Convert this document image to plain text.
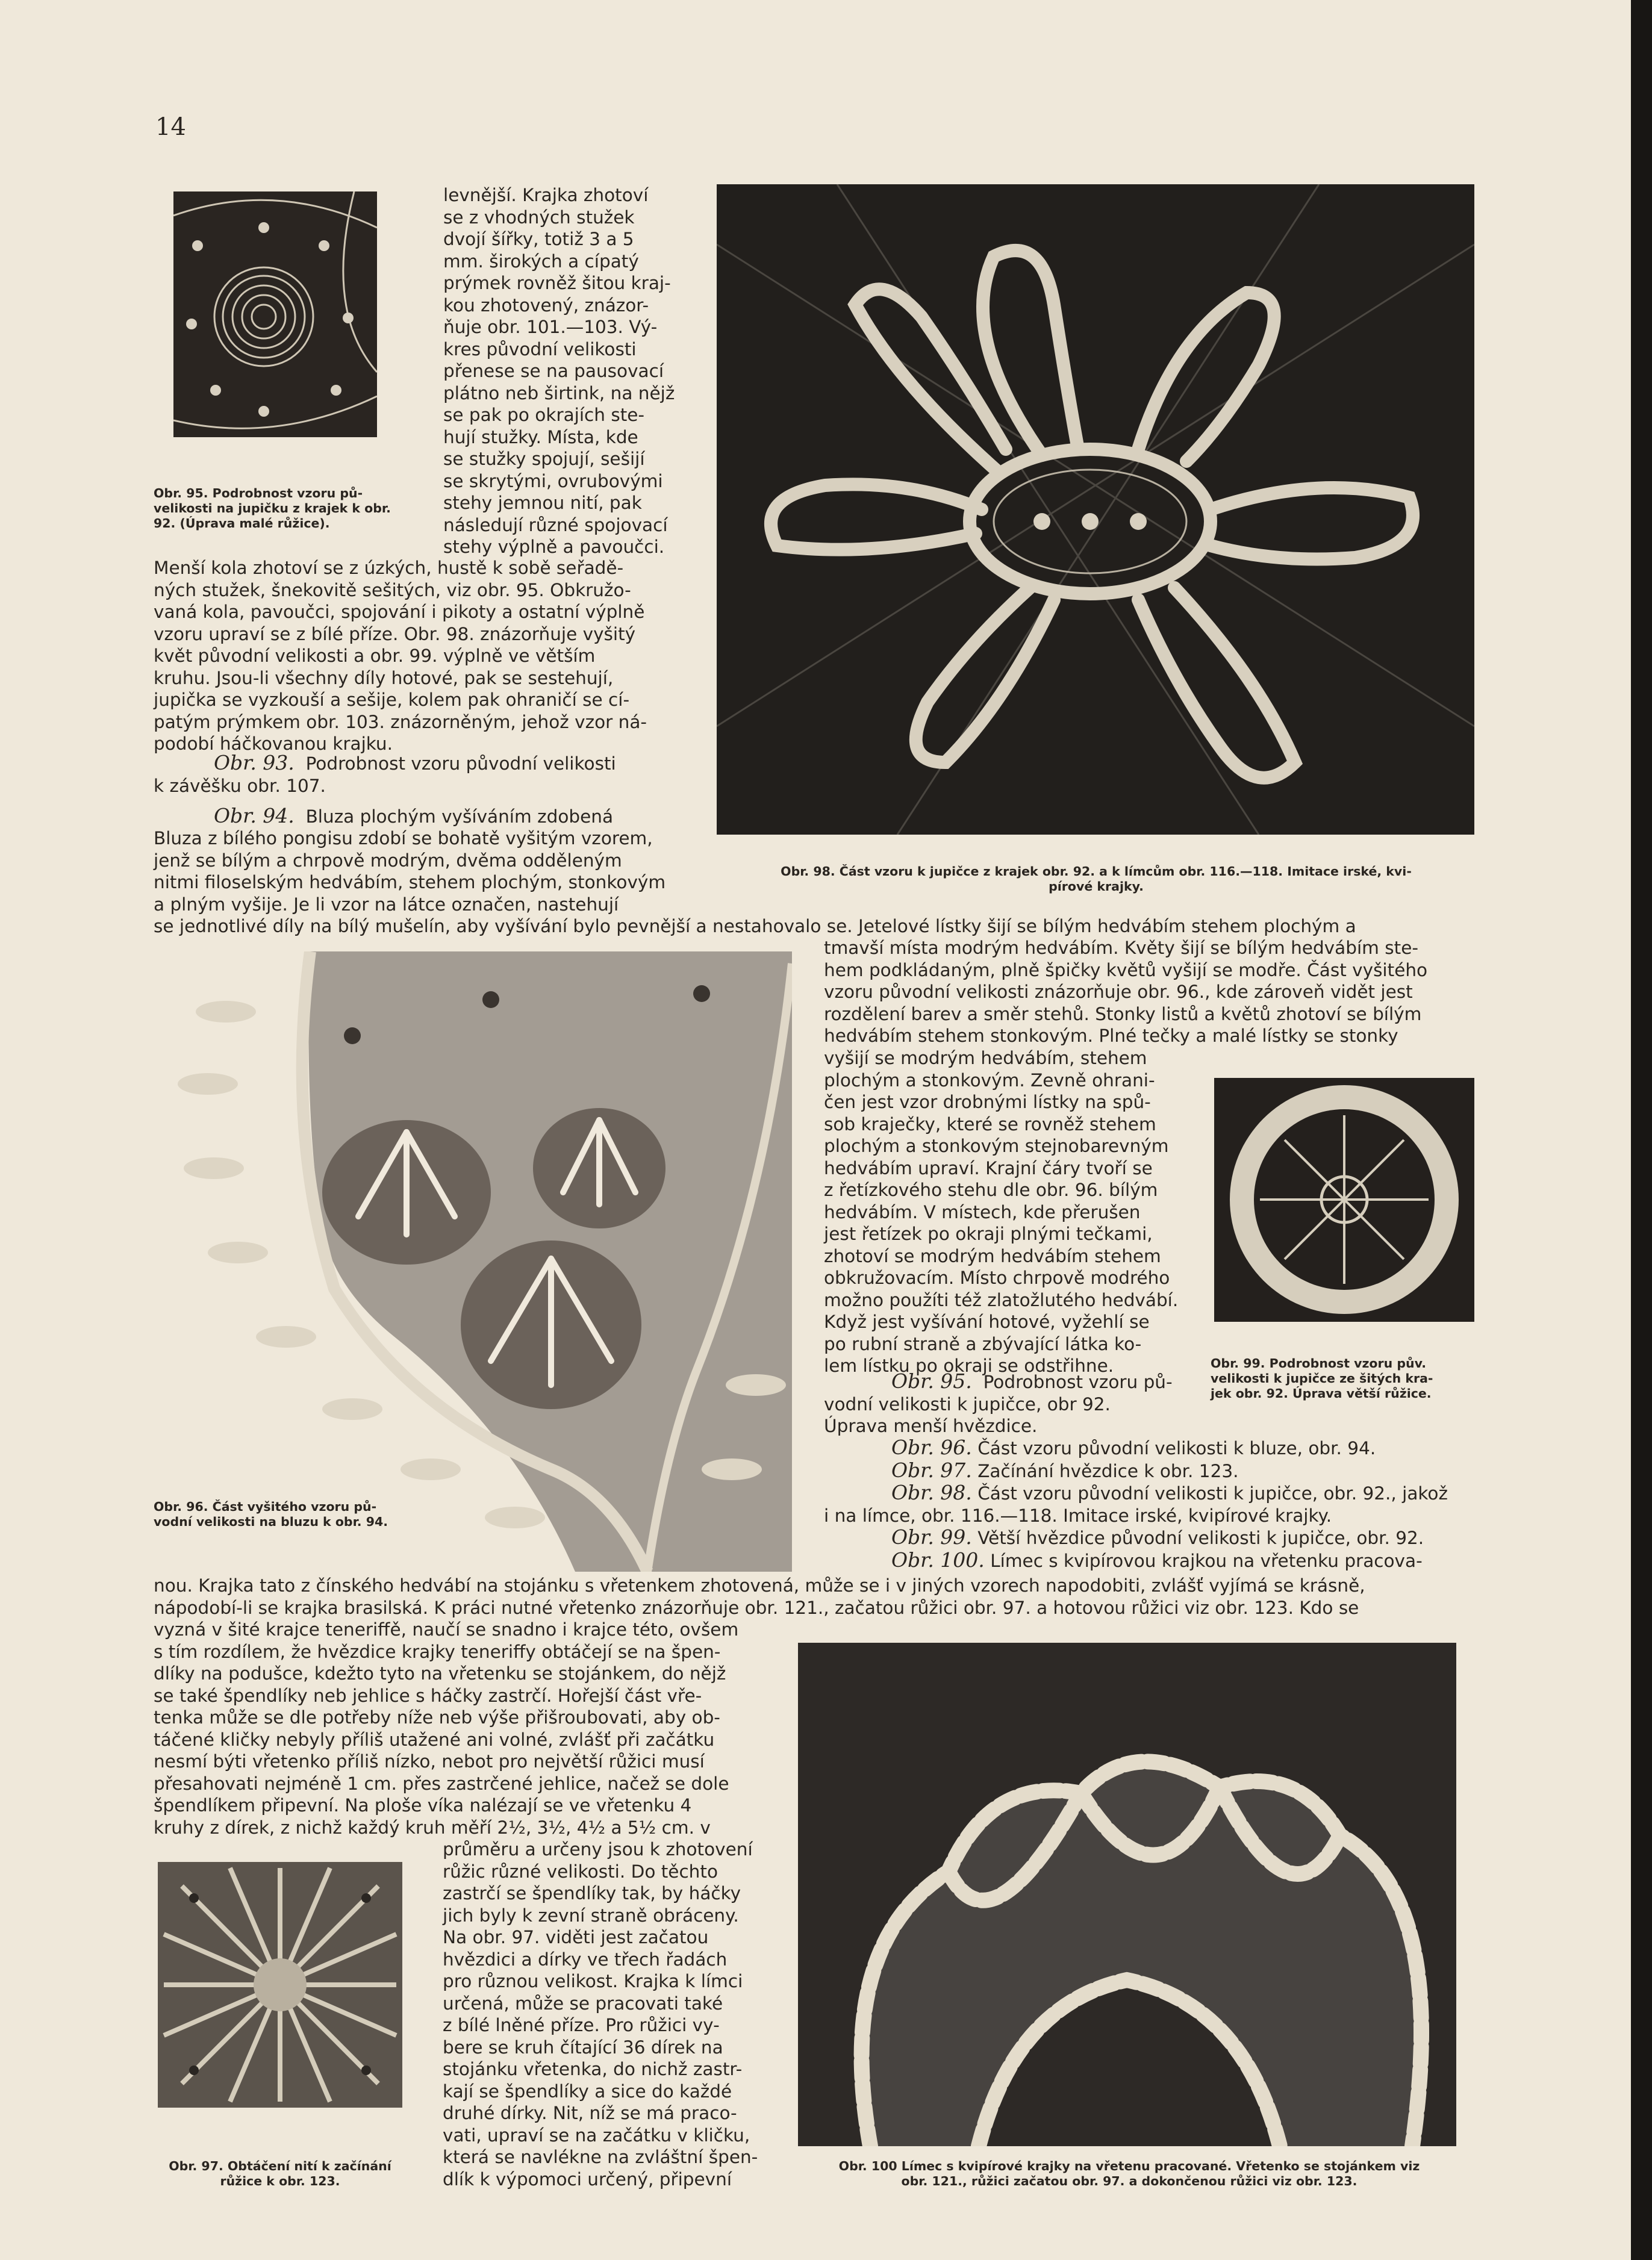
14
Obr. 95. Podrobnost vzoru pů-
velikosti na jupičku z krajek k obr.
92. (Úprava malé růžice).
levnější. Krajka zhotoví
se z vhodných stužek
dvojí šířky, totiž 3 a 5
mm. širokých a cípatý
prýmek rovněž šitou kraj-
kou zhotovený, znázor-
ňuje obr. 101.—103. Vý-
kres původní velikosti
přenese se na pausovací
plátno neb širtink, na nějž
se pak po okrajích ste-
hují stužky. Místa, kde
se stužky spojují, sešijí
se skrytými, ovrubovými
stehy jemnou nití, pak
následují různé spojovací
stehy výplně a pavoučci.
Menší kola zhotoví se z úzkých, hustě k sobě seřadě-
ných stužek, šnekovitě sešitých, viz obr. 95. Obkružo-
vaná kola, pavoučci, spojování i pikoty a ostatní výplně
vzoru upraví se z bílé příze. Obr. 98. znázorňuje vyšitý
květ původní velikosti a obr. 99. výplně ve větším
kruhu. Jsou-li všechny díly hotové, pak se sestehují,
jupička se vyzkouší a sešije, kolem pak ohraničí se cí-
patým prýmkem obr. 103. znázorněným, jehož vzor ná-
podobí háčkovanou krajku.
Obr. 93. Podrobnost vzoru původní velikosti
k závěšku obr. 107.
Obr. 94. Bluza plochým vyšíváním zdobená
Bluza z bílého pongisu zdobí se bohatě vyšitým vzorem,
jenž se bílým a chrpově modrým, dvěma odděleným
nitmi filoselským hedvábím, stehem plochým, stonkovým
a plným vyšije. Je li vzor na látce označen, nastehují
Obr. 98. Část vzoru k jupičce z krajek obr. 92. a k límcům obr. 116.—118. Imitace irské, kvi-
pírové krajky.
se jednotlivé díly na bílý mušelín, aby vyšívání bylo pevnější a nestahovalo se. Jetelové lístky šijí se bílým hedvábím stehem plochým a
Obr. 96. Část vyšitého vzoru pů-
vodní velikosti na bluzu k obr. 94.
tmavší místa modrým hedvábím. Květy šijí se bílým hedvábím ste-
hem podkládaným, plně špičky květů vyšijí se modře. Část vyšitého
vzoru původní velikosti znázorňuje obr. 96., kde zároveň vidět jest
rozdělení barev a směr stehů. Stonky listů a květů zhotoví se bílým
hedvábím stehem stonkovým. Plné tečky a malé lístky se stonky
vyšijí se modrým hedvábím, stehem
plochým a stonkovým. Zevně ohrani-
čen jest vzor drobnými lístky na spů-
sob kraječky, které se rovněž stehem
plochým a stonkovým stejnobarevným
hedvábím upraví. Krajní čáry tvoří se
z řetízkového stehu dle obr. 96. bílým
hedvábím. V místech, kde přerušen
jest řetízek po okraji plnými tečkami,
zhotoví se modrým hedvábím stehem
obkružovacím. Místo chrpově modrého
možno použíti též zlatožlutého hedvábí.
Když jest vyšívání hotové, vyžehlí se
po rubní straně a zbývající látka ko-
lem lístku po okraji se odstřihne.	Obr. 99. Podrobnost vzoru pův.
velikosti k jupičce ze šitých kra-
jek obr. 92. Úprava větší růžice.
Obr. 95. Podrobnost vzoru pů-
vodní velikosti k jupičce, obr 92.
Úprava menší hvězdice.
Obr. 96. Část vzoru původní velikosti k bluze, obr. 94.
Obr. 97. Začínání hvězdice k obr. 123.
Obr. 98. Část vzoru původní velikosti k jupičce, obr. 92., jakož
i na límce, obr. 116.—118. Imitace irské, kvipírové krajky.
Obr. 99. Větší hvězdice původní velikosti k jupičce, obr. 92.
Obr. 100. Límec s kvipírovou krajkou na vřetenku pracova-
nou. Krajka tato z čínského hedvábí na stojánku s vřetenkem zhotovená, může se i v jiných vzorech napodobiti, zvlášť vyjímá se krásně,
nápodobí-li se krajka brasilská. K práci nutné vřetenko znázorňuje obr. 121., začatou růžici obr. 97. a hotovou růžici viz obr. 123. Kdo se
vyzná v šité krajce teneriffě, naučí se snadno i krajce této, ovšem
s tím rozdílem, že hvězdice krajky teneriffy obtáčejí se na špen-
dlíky na podušce, kdežto tyto na vřetenku se stojánkem, do nějž
se také špendlíky neb jehlice s háčky zastrčí. Hořejší část vře-
tenka může se dle potřeby níže neb výše přišroubovati, aby ob-
táčené kličky nebyly příliš utažené ani volné, zvlášť při začátku
nesmí býti vřetenko příliš nízko, nebot pro největší růžici musí
přesahovati nejméně 1 cm. přes zastrčené jehlice, načež se dole
špendlíkem připevní. Na ploše víka nalézají se ve vřetenku 4
kruhy z dírek, z nichž každý kruh měří 2½, 3½, 4½ a 5½ cm. v
Obr. 97. Obtáčení nití k začínání
růžice k obr. 123.
průměru a určeny jsou k zhotovení
růžic různé velikosti. Do těchto
zastrčí se špendlíky tak, by háčky
jich byly k zevní straně obráceny.
Na obr. 97. viděti jest začatou
hvězdici a dírky ve třech řadách
pro různou velikost. Krajka k límci
určená, může se pracovati také
z bílé lněné příze. Pro růžici vy-
bere se kruh čítající 36 dírek na
stojánku vřetenka, do nichž zastr-
kají se špendlíky a sice do každé
druhé dírky. Nit, níž se má praco-
vati, upraví se na začátku v kličku,
která se navlékne na zvláštní špen-
dlík k výpomoci určený, připevní
Obr. 100 Límec s kvipírové krajky na vřetenu pracované. Vřetenko se stojánkem viz
obr. 121., růžici začatou obr. 97. a dokončenou růžici viz obr. 123.
